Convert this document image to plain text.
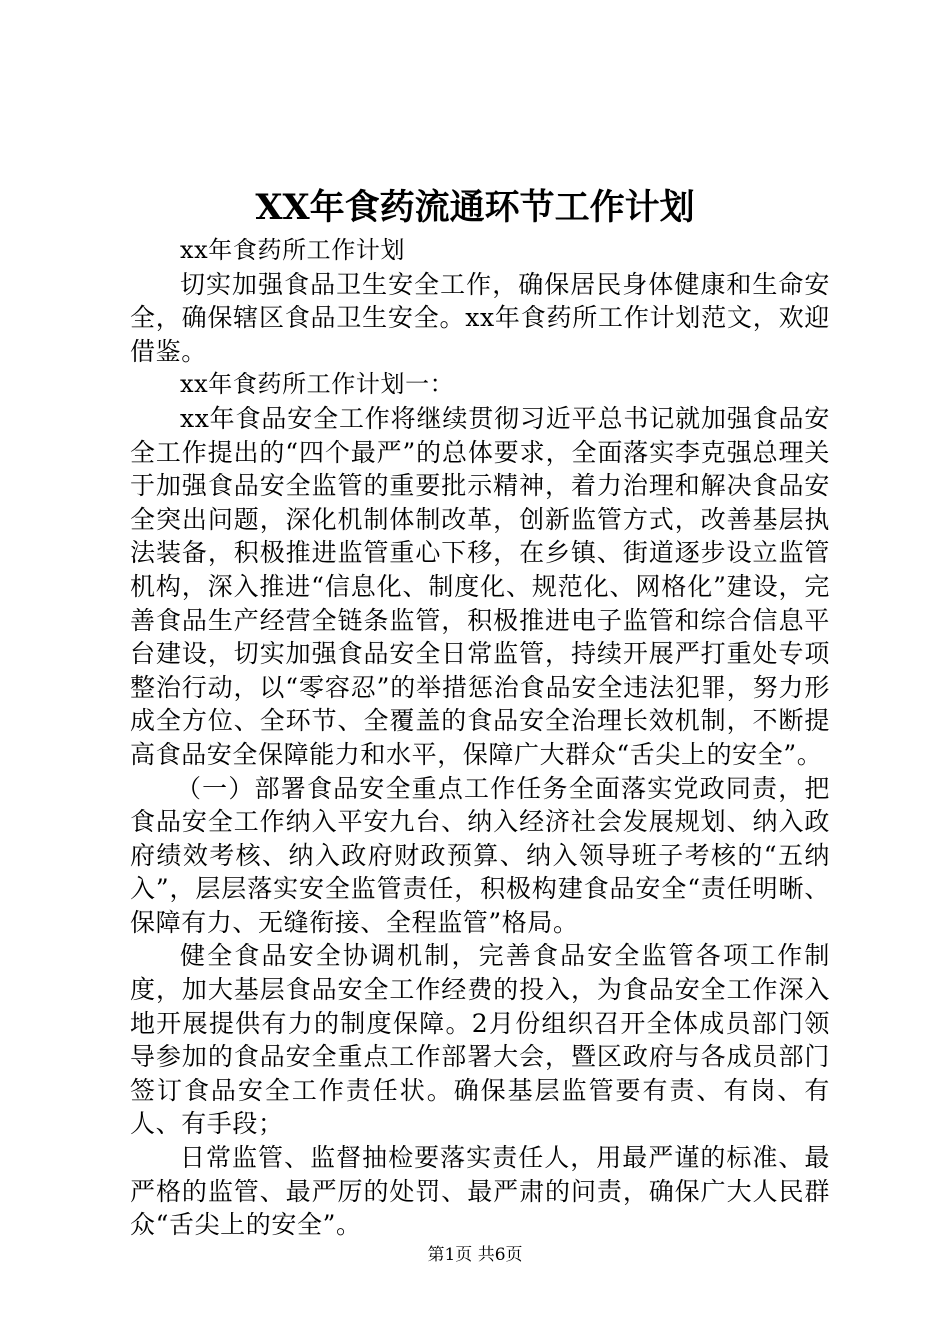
XX年食药流通环节工作计划

xx年食药所工作计划

切实加强食品卫生安全工作，确保居民身体健康和生命安全，确保辖区食品卫生安全。xx年食药所工作计划范文，欢迎借鉴。

xx年食药所工作计划一：

xx年食品安全工作将继续贯彻习近平总书记就加强食品安全工作提出的“四个最严”的总体要求，全面落实李克强总理关于加强食品安全监管的重要批示精神，着力治理和解决食品安全突出问题，深化机制体制改革，创新监管方式，改善基层执法装备，积极推进监管重心下移，在乡镇、街道逐步设立监管机构，深入推进“信息化、制度化、规范化、网格化”建设，完善食品生产经营全链条监管，积极推进电子监管和综合信息平台建设，切实加强食品安全日常监管，持续开展严打重处专项整治行动，以“零容忍”的举措惩治食品安全违法犯罪，努力形成全方位、全环节、全覆盖的食品安全治理长效机制，不断提高食品安全保障能力和水平，保障广大群众“舌尖上的安全”。

（一）部署食品安全重点工作任务全面落实党政同责，把食品安全工作纳入平安九台、纳入经济社会发展规划、纳入政府绩效考核、纳入政府财政预算、纳入领导班子考核的“五纳入”，层层落实安全监管责任，积极构建食品安全“责任明晰、保障有力、无缝衔接、全程监管”格局。

健全食品安全协调机制，完善食品安全监管各项工作制度，加大基层食品安全工作经费的投入，为食品安全工作深入地开展提供有力的制度保障。2月份组织召开全体成员部门领导参加的食品安全重点工作部署大会，暨区政府与各成员部门签订食品安全工作责任状。确保基层监管要有责、有岗、有人、有手段；

日常监管、监督抽检要落实责任人，用最严谨的标准、最严格的监管、最严厉的处罚、最严肃的问责，确保广大人民群众“舌尖上的安全”。

第1页 共6页
